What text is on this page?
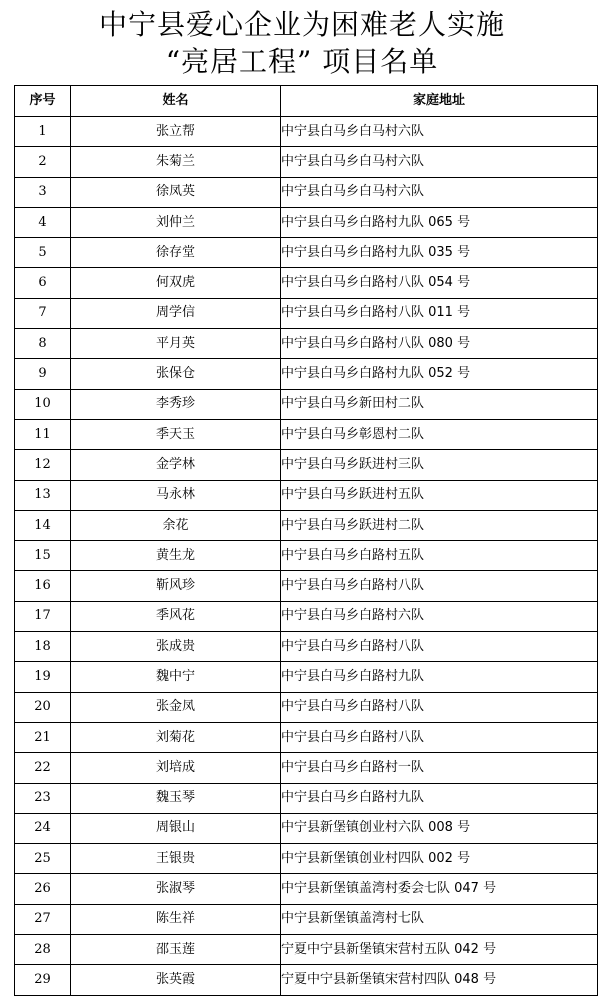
中宁县爱心企业为困难老人实施
“亮居工程” 项目名单
序号	姓名	家庭地址
1	张立帮	中宁县白马乡白马村六队
2	朱菊兰	中宁县白马乡白马村六队
3	徐凤英	中宁县白马乡白马村六队
4	刘仲兰	中宁县白马乡白路村九队 065 号
5	徐存堂	中宁县白马乡白路村九队 035 号
6	何双虎	中宁县白马乡白路村八队 054 号
7	周学信	中宁县白马乡白路村八队 011 号
8	平月英	中宁县白马乡白路村八队 080 号
9	张保仓	中宁县白马乡白路村九队 052 号
10	李秀珍	中宁县白马乡新田村二队
11	季天玉	中宁县白马乡彰恩村二队
12	金学林	中宁县白马乡跃进村三队
13	马永林	中宁县白马乡跃进村五队
14	余花	中宁县白马乡跃进村二队
15	黄生龙	中宁县白马乡白路村五队
16	靳风珍	中宁县白马乡白路村八队
17	季风花	中宁县白马乡白路村六队
18	张成贵	中宁县白马乡白路村八队
19	魏中宁	中宁县白马乡白路村九队
20	张金凤	中宁县白马乡白路村八队
21	刘菊花	中宁县白马乡白路村八队
22	刘培成	中宁县白马乡白路村一队
23	魏玉琴	中宁县白马乡白路村九队
24	周银山	中宁县新堡镇创业村六队 008 号
25	王银贵	中宁县新堡镇创业村四队 002 号
26	张淑琴	中宁县新堡镇盖湾村委会七队 047 号
27	陈生祥	中宁县新堡镇盖湾村七队
28	邵玉莲	宁夏中宁县新堡镇宋营村五队 042 号
29	张英霞	宁夏中宁县新堡镇宋营村四队 048 号
